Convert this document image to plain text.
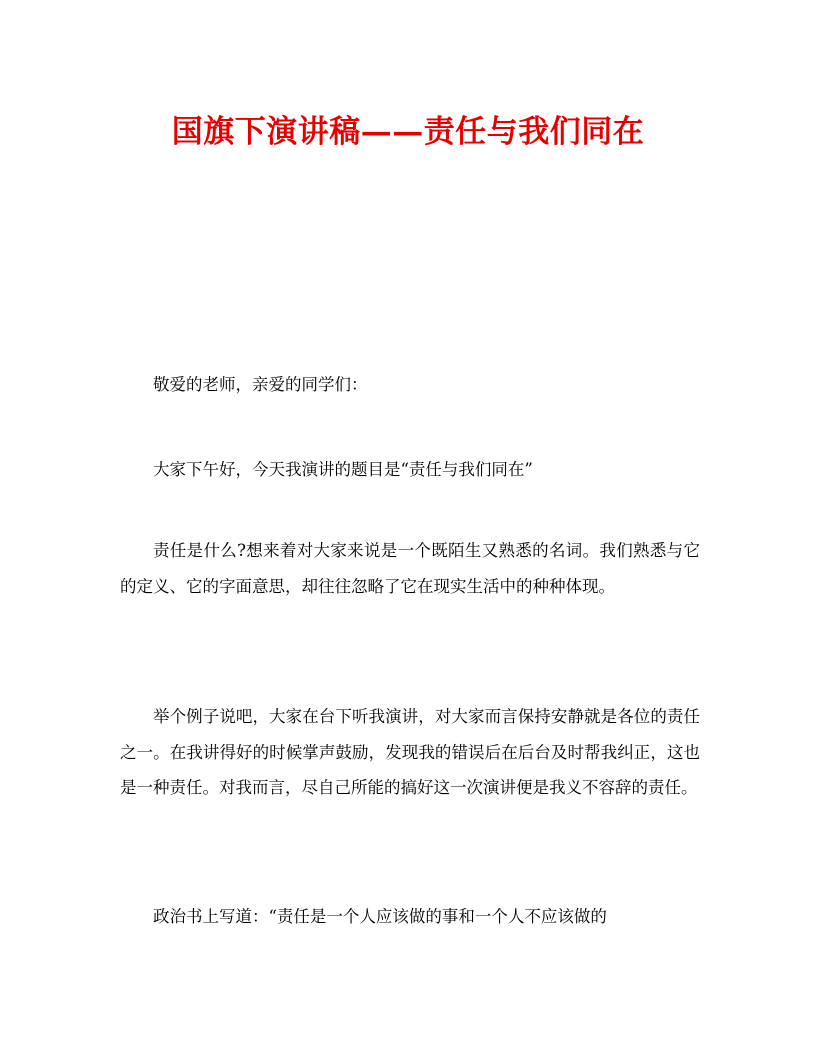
国旗下演讲稿——责任与我们同在

敬爱的老师，亲爱的同学们：

大家下午好，今天我演讲的题目是“责任与我们同在”

责任是什么?想来着对大家来说是一个既陌生又熟悉的名词。我们熟悉与它的定义、它的字面意思，却往往忽略了它在现实生活中的种种体现。

举个例子说吧，大家在台下听我演讲，对大家而言保持安静就是各位的责任之一。在我讲得好的时候掌声鼓励，发现我的错误后在后台及时帮我纠正，这也是一种责任。对我而言，尽自己所能的搞好这一次演讲便是我义不容辞的责任。

政治书上写道：“责任是一个人应该做的事和一个人不应该做的
